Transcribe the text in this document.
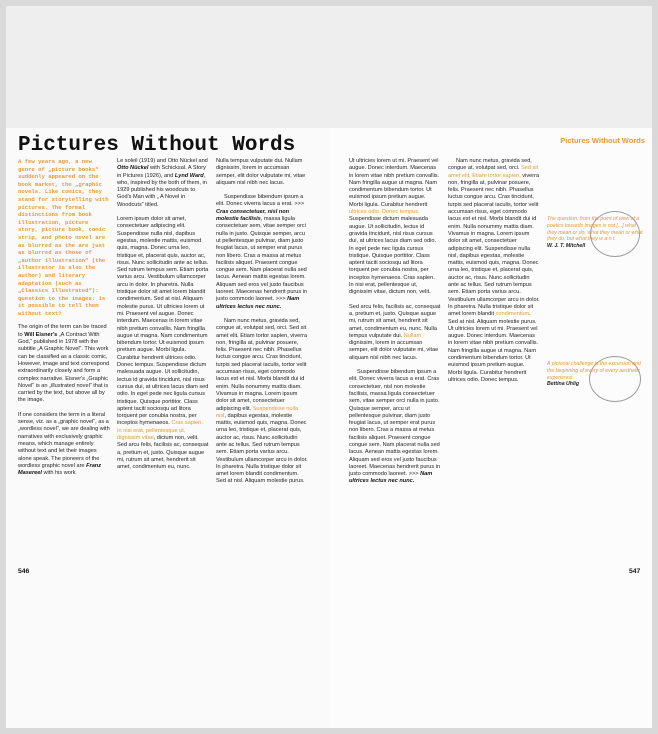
Pictures Without Words	Pictures Without Words

A few years ago, a new genre of „picture books“ suddenly appeared on the book market, the „graphic novels. Like comics, they stand for storytelling with pictures. The formal distinctions from book illustration, picture story, picture book, comic strip, and photo novel are as blurred as the are just as blurred as those of „author illustration“ (the illustrator is also the author) and literary adaptation (such as „Classics Illustrated“): question to the images: is it possible to tell them without text?

The origin of the term can be traced to Will Eisner's „A Contract With God,“ published in 1978 with the subtitle „A Graphic Novel“. This work can be classified as a classic comic, However, image and text correspond extraordinarily closely and form a complex narrative. Eisner's „Graphic Novel“ is an „illustrated novel“ that is carried by the text, but above all by the image.

If one considers the term in a literal sense, viz. as a „graphic novel“, as a „wordless novel“, we are dealing with narratives with exclusively graphic means, which manage entirely without text and let their images alone speak. The pioneers of the wordless graphic novel are Franz Masereel with his work

Le soleil (1919) and Otto Nückel and Otto Nückel with Schicksal. A Story in Pictures (1926), and Lynd Ward, who, inspired by the both of them, in 1929 published his woodcuts to God's Man with „ A Novel in Woodcuts“ titled.

Lorem ipsum dolor sit amet, consectetuer adipiscing elit. Suspendisse nulla nisl, dapibus egestas, molestie mattis, euismod quis, magna. Donec urna leo, tristique et, placerat quis, auctor ac, risus. Nunc sollicitudin ante ac tellus. Sed rutrum tempus sem. Etiam porta varius arcu. Vestibulum ullamcorper arcu in dolor. In pharetra. Nulla tristique dolor sit amet lorem blandit condimentum. Sed at nisl. Aliquam molestie purus. Ut ultricies lorem ut mi. Praesent vel augue. Donec interdum. Maecenas in lorem vitae nibh pretium convallis. Nam fringilla augue ut magna. Nam condimentum bibendum tortor. Ut euismod ipsum pretium augue. Morbi ligula. Curabitur hendrerit ultrices odio. Donec tempus. Suspendisse dictum malesuada augue. Ut sollicitudin, lectus id gravida tincidunt, nisl risus cursus dui, at ultrices lacus diam sed odio. In eget pede nec ligula cursus tristique. Quisque porttitor. Class aptent taciti sociosqu ad litora torquent per conubia nostra, per inceptos hymenaeos. Cras sapien. In nisi erat, pellentesque ut, dignissim vitae, dictum non, velit. Sed arcu felis, facilisis ac, consequat a, pretium et, justo. Quisque augue mi, rutrum sit amet, hendrerit sit amet, condimentum eu, nunc.

Nulla tempus vulputate dui. Nullam dignissim, lorem in accumsan semper, elit dolor vulputate mi, vitae aliquam nisl nibh nec lacus.

Suspendisse bibendum ipsum a elit. Donec viverra lacus a erat. >>> Cras consectetuer, nisl non molestie facilisis, massa ligula consectetuer sem, vitae semper orci nulla in justo. Quisque semper, arcu ut pellentesque pulvinar, diam justo feugiat lacus, ut semper erat purus non libero. Cras a massa at metus facilisis aliquet. Praesent congue congue sem. Nam placerat nulla sed lacus. Aenean mattis egestas lorem. Aliquam sed eros vel justo faucibus laoreet. Maecenas hendrerit purus in justo commodo laoreet. >>> Nam ultrices lectus nec nunc.

Nam nunc metus, gravida sed, congue at, volutpat sed, orci. Sed sit amet elit. Etiam tortor sapien, viverra non, fringilla at, pulvinar posuere, felis. Praesent nec nibh. Phasellus luctus congue arcu. Cras tincidunt, turpis sed placerat iaculis, tortor velit accumsan risus, eget commodo lacus est et nisl. Morbi blandit dui id enim. Nulla nonummy mattis diam. Vivamus in magna. Lorem ipsum dolor sit amet, consectetuer adipiscing elit. Suspendisse nulla nisl, dapibus egestas, molestie mattis, euismod quis, magna. Donec urna leo, tristique et, placerat quis, auctor ac, risus. Nunc sollicitudin ante ac tellus. Sed rutrum tempus sem. Etiam porta varius arcu. Vestibulum ullamcorper arcu in dolor. In pharetra. Nulla tristique dolor sit amet lorem blandit condimentum. Sed at nisl. Aliquam molestie purus.

Ut ultricies lorem ut mi. Praesent vel augue. Donec interdum. Maecenas in lorem vitae nibh pretium convallis. Nam fringilla augue ut magna. Nam condimentum bibendum tortor. Ut euismod ipsum pretium augue. Morbi ligula. Curabitur hendrerit ultrices odio. Donec tempus. Suspendisse dictum malesuada augue. Ut sollicitudin, lectus id gravida tincidunt, nisl risus cursus dui, at ultrices lacus diam sed odio. In eget pede nec ligula cursus tristique. Quisque porttitor. Class aptent taciti sociosqu ad litora torquent per conubia nostra, per inceptos hymenaeos. Cras sapien. In nisi erat, pellentesque ut, dignissim vitae, dictum non, velit.

Sed arcu felis, facilisis ac, consequat a, pretium et, justo. Quisque augue mi, rutrum sit amet, hendrerit sit amet, condimentum eu, nunc. Nulla tempus vulputate dui. Nullam dignissim, lorem in accumsan semper, elit dolor vulputate mi, vitae aliquam nisl nibh nec lacus.

Suspendisse bibendum ipsum a elit. Donec viverra lacus a erat. Cras consectetuer, nisl non molestie facilisis, massa ligula consectetuer sem, vitae semper orci nulla in justo. Quisque semper, arcu ut pellentesque pulvinar, diam justo feugiat lacus, ut semper erat purus non libero. Cras a massa at metus facilisis aliquet. Praesent congue congue sem. Nam placerat nulla sed lacus. Aenean mattis egestas lorem. Aliquam sed eros vel justo faucibus laoreet. Maecenas hendrerit purus in justo commodo laoreet. >>> Nam ultrices lectus nec nunc.

Nam nunc metus, gravida sed, congue at, volutpat sed, orci. Sed sit amet elit. Etiam tortor sapien, viverra non, fringilla at, pulvinar posuere, felis. Praesent nec nibh. Phasellus luctus congue arcu. Cras tincidunt, turpis sed placerat iaculis, tortor velit accumsan risus, eget commodo lacus est et nisl. Morbi blandit dui id enim. Nulla nonummy mattis diam. Vivamus in magna. Lorem ipsum dolor sit amet, consectetuer adipiscing elit. Suspendisse nulla nisl, dapibus egestas, molestie mattis, euismod quis, magna. Donec urna leo, tristique et, placerat quis, auctor ac, risus. Nunc sollicitudin ante ac tellus. Sed rutrum tempus sem. Etiam porta varius arcu. Vestibulum ullamcorper arcu in dolor. In pharetra. Nulla tristique dolor sit amet lorem blandit condimentum. Sed at nisl. Aliquam molestie purus. Ut ultricies lorem ut mi. Praesent vel augue. Donec interdum. Maecenas in lorem vitae nibh pretium convallis. Nam fringilla augue ut magna. Nam condimentum bibendum tortor. Ut euismod ipsum pretium augue. Morbi ligula. Curabitur hendrerit ultrices odio. Donec tempus.

The question, from the point of view of a poetics towards images is not [...] what they mean or do, what they mean or what they do, but what they w a n t.
W. J. T. Mitchell
A pictorial challenge is the excursion and the beginning of every of every aesthetic experience.
Bettina Uhlig
546	547
